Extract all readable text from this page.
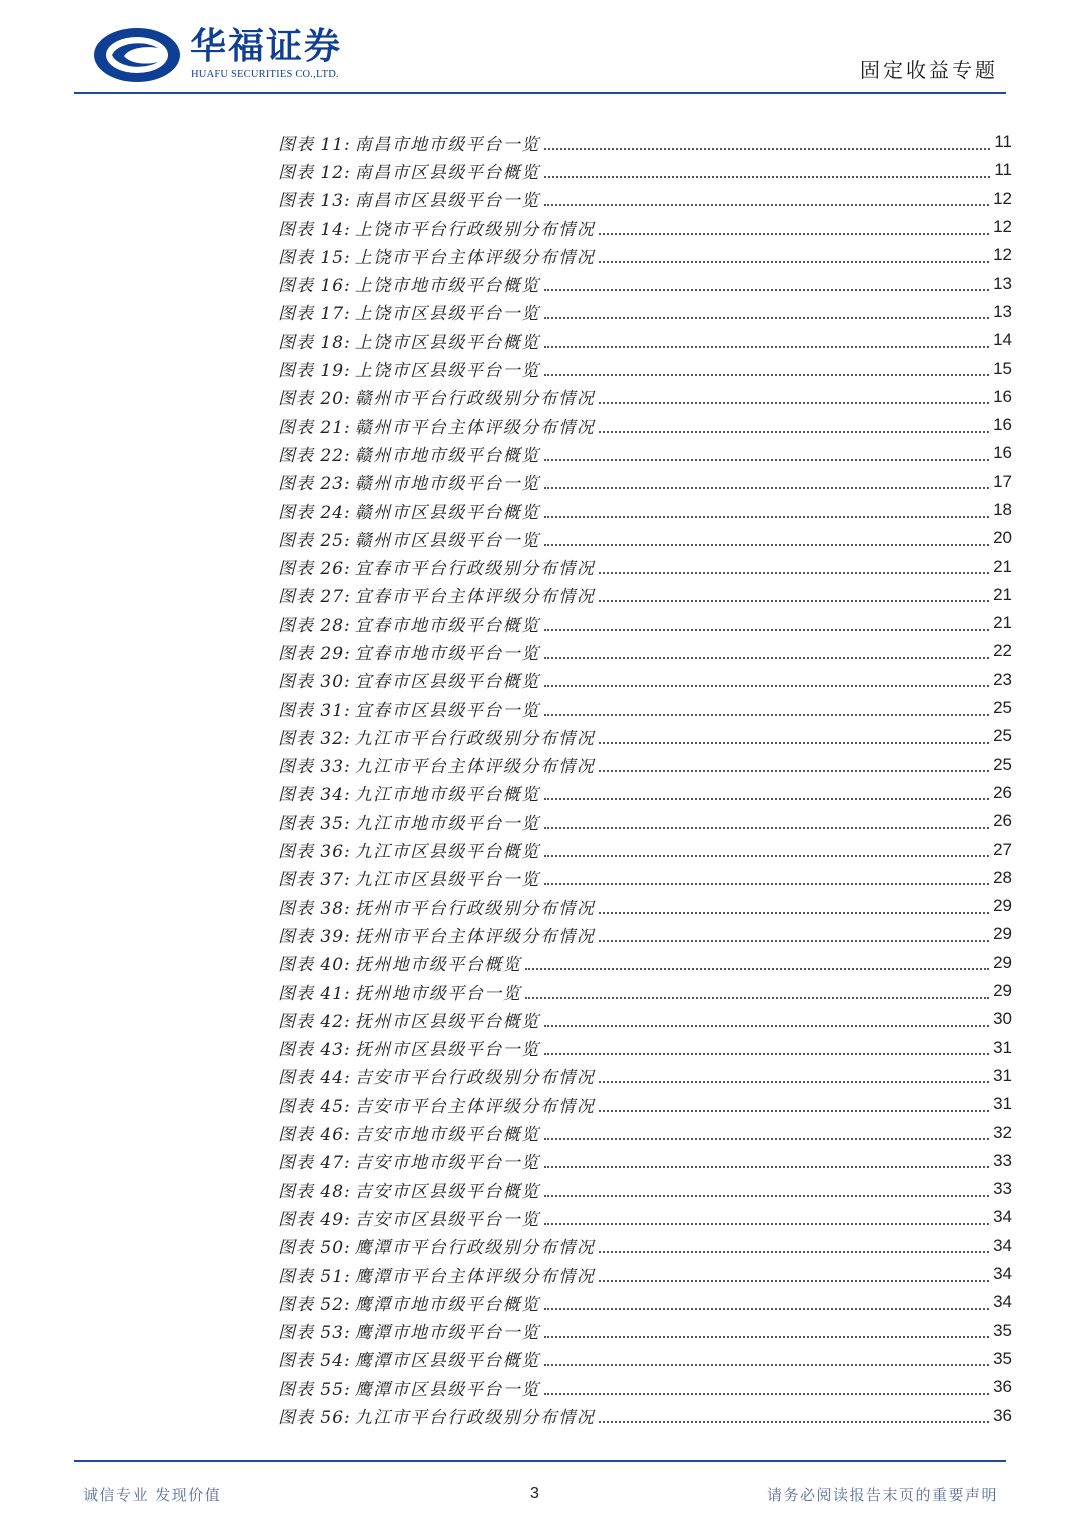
华福证券
HUAFU SECURITIES CO.,LTD.	固定收益专题
图表 11: 南昌市地市级平台一览	11
图表 12: 南昌市区县级平台概览	11
图表 13: 南昌市区县级平台一览	12
图表 14: 上饶市平台行政级别分布情况	12
图表 15: 上饶市平台主体评级分布情况	12
图表 16: 上饶市地市级平台概览	13
图表 17: 上饶市区县级平台一览	13
图表 18: 上饶市区县级平台概览	14
图表 19: 上饶市区县级平台一览	15
图表 20: 赣州市平台行政级别分布情况	16
图表 21: 赣州市平台主体评级分布情况	16
图表 22: 赣州市地市级平台概览	16
图表 23: 赣州市地市级平台一览	17
图表 24: 赣州市区县级平台概览	18
图表 25: 赣州市区县级平台一览	20
图表 26: 宜春市平台行政级别分布情况	21
图表 27: 宜春市平台主体评级分布情况	21
图表 28: 宜春市地市级平台概览	21
图表 29: 宜春市地市级平台一览	22
图表 30: 宜春市区县级平台概览	23
图表 31: 宜春市区县级平台一览	25
图表 32: 九江市平台行政级别分布情况	25
图表 33: 九江市平台主体评级分布情况	25
图表 34: 九江市地市级平台概览	26
图表 35: 九江市地市级平台一览	26
图表 36: 九江市区县级平台概览	27
图表 37: 九江市区县级平台一览	28
图表 38: 抚州市平台行政级别分布情况	29
图表 39: 抚州市平台主体评级分布情况	29
图表 40: 抚州地市级平台概览	29
图表 41: 抚州地市级平台一览	29
图表 42: 抚州市区县级平台概览	30
图表 43: 抚州市区县级平台一览	31
图表 44: 吉安市平台行政级别分布情况	31
图表 45: 吉安市平台主体评级分布情况	31
图表 46: 吉安市地市级平台概览	32
图表 47: 吉安市地市级平台一览	33
图表 48: 吉安市区县级平台概览	33
图表 49: 吉安市区县级平台一览	34
图表 50: 鹰潭市平台行政级别分布情况	34
图表 51: 鹰潭市平台主体评级分布情况	34
图表 52: 鹰潭市地市级平台概览	34
图表 53: 鹰潭市地市级平台一览	35
图表 54: 鹰潭市区县级平台概览	35
图表 55: 鹰潭市区县级平台一览	36
图表 56: 九江市平台行政级别分布情况	36
诚信专业 发现价值	3	请务必阅读报告末页的重要声明
